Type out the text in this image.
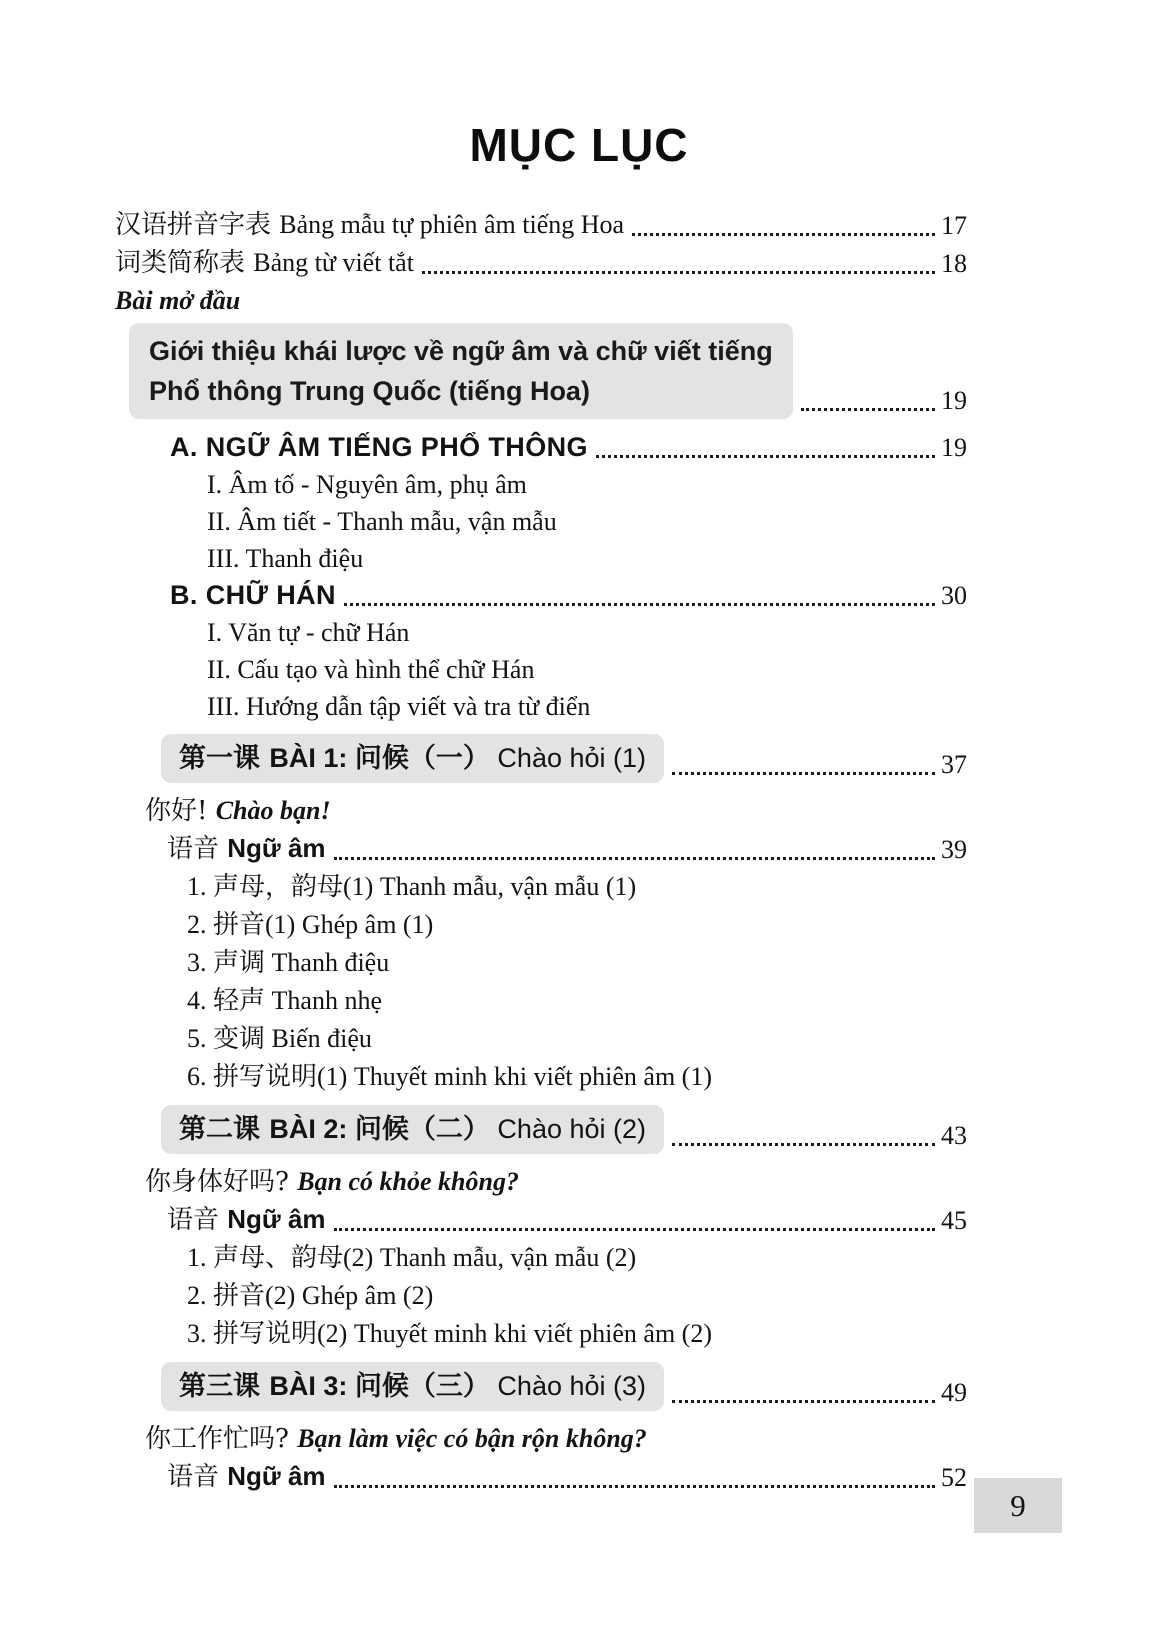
MỤC LỤC
汉语拼音字表 Bảng mẫu tự phiên âm tiếng Hoa	17
词类简称表 Bảng từ viết tắt	18
Bài mở đầu
Giới thiệu khái lược về ngữ âm và chữ viết tiếng
Phổ thông Trung Quốc (tiếng Hoa)	19
A. NGỮ ÂM TIẾNG PHỔ THÔNG	19
I. Âm tố - Nguyên âm, phụ âm
II. Âm tiết - Thanh mẫu, vận mẫu
III. Thanh điệu
B. CHỮ HÁN	30
I. Văn tự - chữ Hán
II. Cấu tạo và hình thể chữ Hán
III. Hướng dẫn tập viết và tra từ điển
第一课 BÀI 1: 问候（一） Chào hỏi (1)	37
你好! Chào bạn!
语音 Ngữ âm	39
1. 声母，韵母(1) Thanh mẫu, vận mẫu (1)
2. 拼音(1) Ghép âm (1)
3. 声调 Thanh điệu
4. 轻声 Thanh nhẹ
5. 变调 Biến điệu
6. 拼写说明(1) Thuyết minh khi viết phiên âm (1)
第二课 BÀI 2: 问候（二） Chào hỏi (2)	43
你身体好吗? Bạn có khỏe không?
语音 Ngữ âm	45
1. 声母、韵母(2) Thanh mẫu, vận mẫu (2)
2. 拼音(2) Ghép âm (2)
3. 拼写说明(2) Thuyết minh khi viết phiên âm (2)
第三课 BÀI 3: 问候（三） Chào hỏi (3)	49
你工作忙吗? Bạn làm việc có bận rộn không?
语音 Ngữ âm	52
9
